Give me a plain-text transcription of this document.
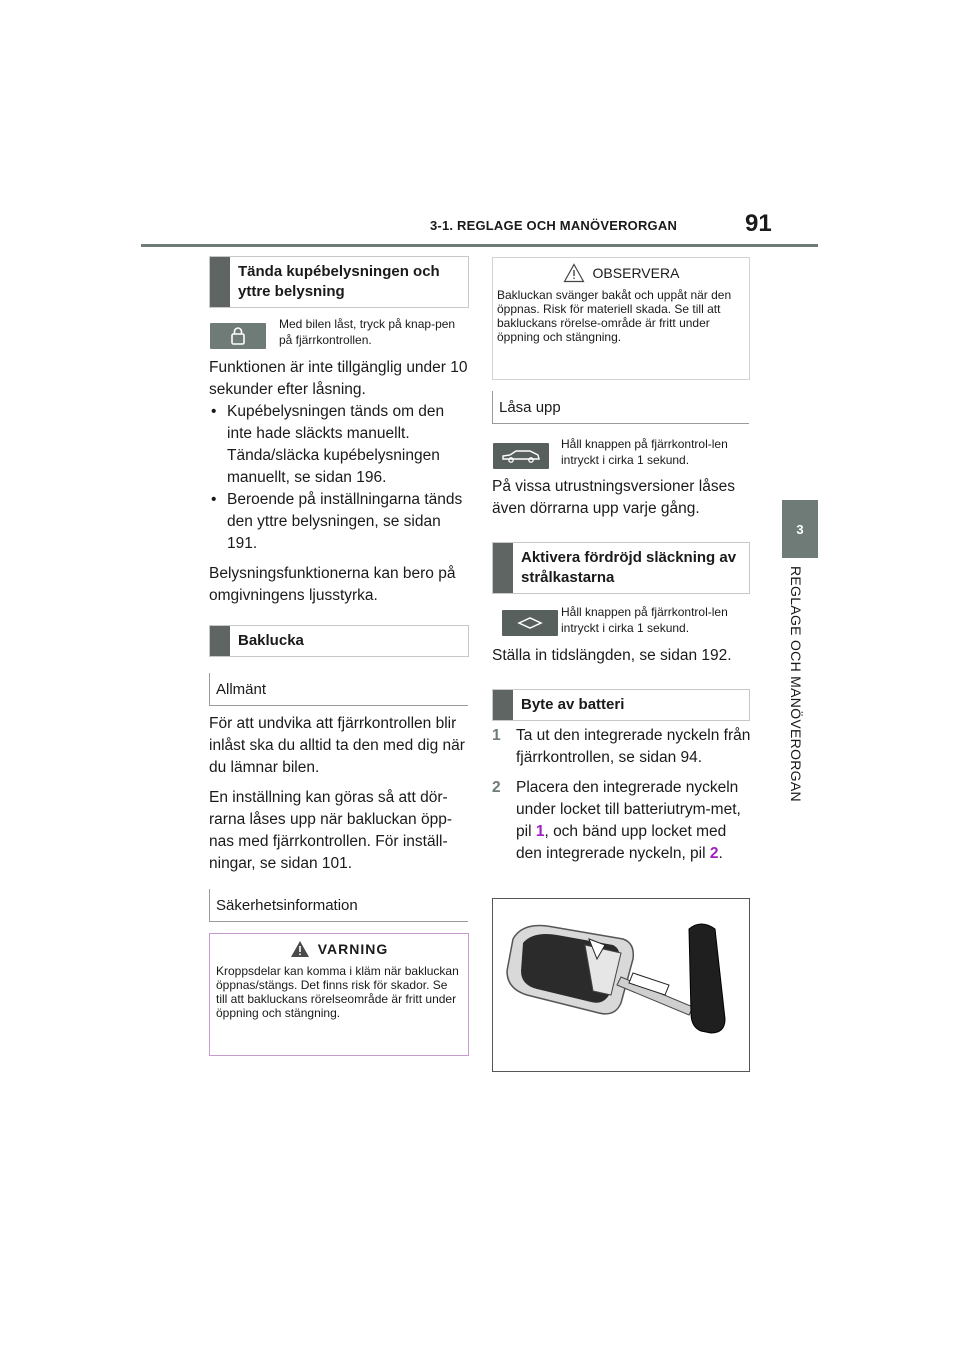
3-1. REGLAGE OCH MANÖVERORGAN	91
3
REGLAGE OCH MANÖVERORGAN
Tända kupébelysningen och yttre belysning
Med bilen låst, tryck på knap-pen på fjärrkontrollen.

Funktionen är inte tillgänglig under 10 sekunder efter låsning.

• Kupébelysningen tänds om den inte hade släckts manuellt. Tända/släcka kupébelysningen manuellt, se sidan 196.

• Beroende på inställningarna tänds den yttre belysningen, se sidan 191.

Belysningsfunktionerna kan bero på omgivningens ljusstyrka.

Baklucka
Allmänt

För att undvika att fjärrkontrollen blir inlåst ska du alltid ta den med dig när du lämnar bilen.

En inställning kan göras så att dör-rarna låses upp när bakluckan öpp-nas med fjärrkontrollen. För inställ-ningar, se sidan 101.

Säkerhetsinformation
VARNING
Kroppsdelar kan komma i kläm när bakluckan öppnas/stängs. Det finns risk för skador. Se till att bakluckans rörelseområde är fritt under öppning och stängning.
OBSERVERA
Bakluckan svänger bakåt och uppåt när den öppnas. Risk för materiell skada. Se till att bakluckans rörelse-område är fritt under öppning och stängning.
Låsa upp
Håll knappen på fjärrkontrol-len intryckt i cirka 1 sekund.

På vissa utrustningsversioner låses även dörrarna upp varje gång.

Aktivera fördröjd släckning av strålkastarna
Håll knappen på fjärrkontrol-len intryckt i cirka 1 sekund.

Ställa in tidslängden, se sidan 192.

Byte av batteri
1 Ta ut den integrerade nyckeln från fjärrkontrollen, se sidan 94.
2 Placera den integrerade nyckeln under locket till batteriutrym-met, pil 1, och bänd upp locket med den integrerade nyckeln, pil 2.
